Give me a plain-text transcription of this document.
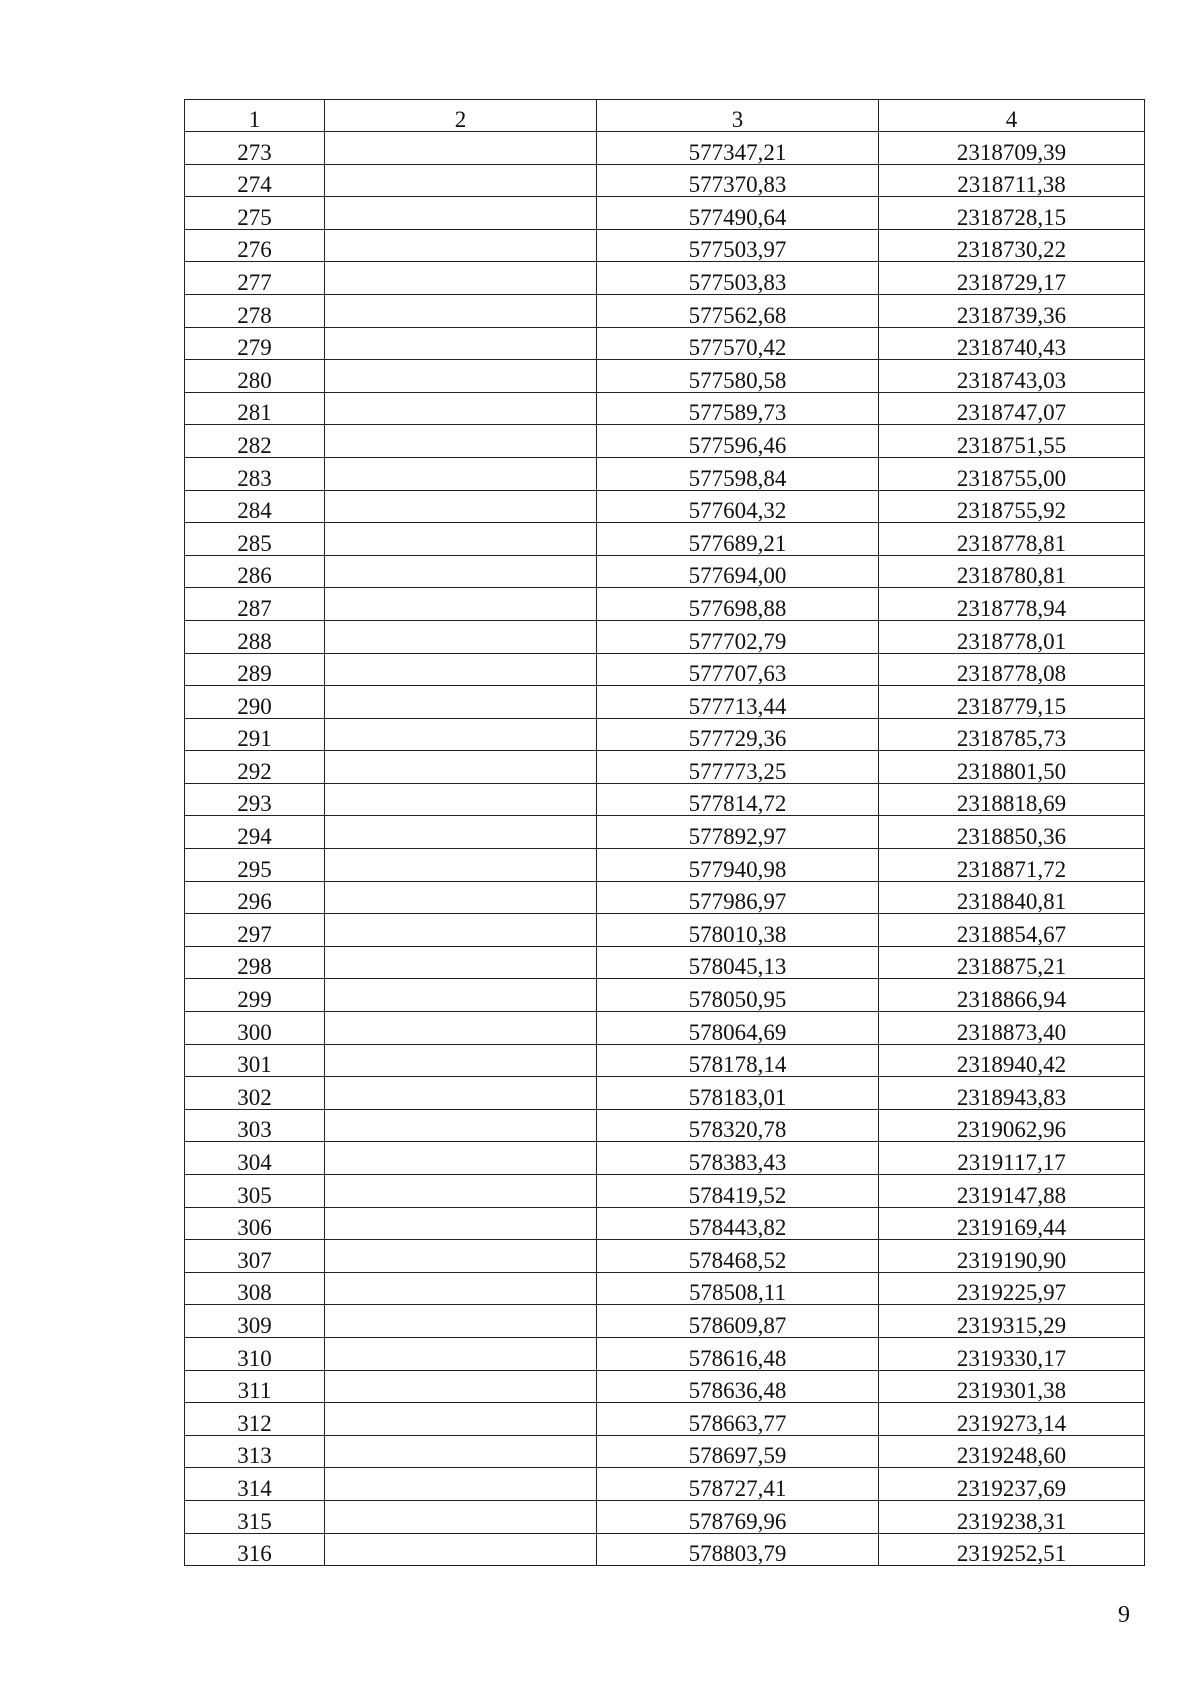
1	2	3	4
273		577347,21	2318709,39
274		577370,83	2318711,38
275		577490,64	2318728,15
276		577503,97	2318730,22
277		577503,83	2318729,17
278		577562,68	2318739,36
279		577570,42	2318740,43
280		577580,58	2318743,03
281		577589,73	2318747,07
282		577596,46	2318751,55
283		577598,84	2318755,00
284		577604,32	2318755,92
285		577689,21	2318778,81
286		577694,00	2318780,81
287		577698,88	2318778,94
288		577702,79	2318778,01
289		577707,63	2318778,08
290		577713,44	2318779,15
291		577729,36	2318785,73
292		577773,25	2318801,50
293		577814,72	2318818,69
294		577892,97	2318850,36
295		577940,98	2318871,72
296		577986,97	2318840,81
297		578010,38	2318854,67
298		578045,13	2318875,21
299		578050,95	2318866,94
300		578064,69	2318873,40
301		578178,14	2318940,42
302		578183,01	2318943,83
303		578320,78	2319062,96
304		578383,43	2319117,17
305		578419,52	2319147,88
306		578443,82	2319169,44
307		578468,52	2319190,90
308		578508,11	2319225,97
309		578609,87	2319315,29
310		578616,48	2319330,17
311		578636,48	2319301,38
312		578663,77	2319273,14
313		578697,59	2319248,60
314		578727,41	2319237,69
315		578769,96	2319238,31
316		578803,79	2319252,51
9
